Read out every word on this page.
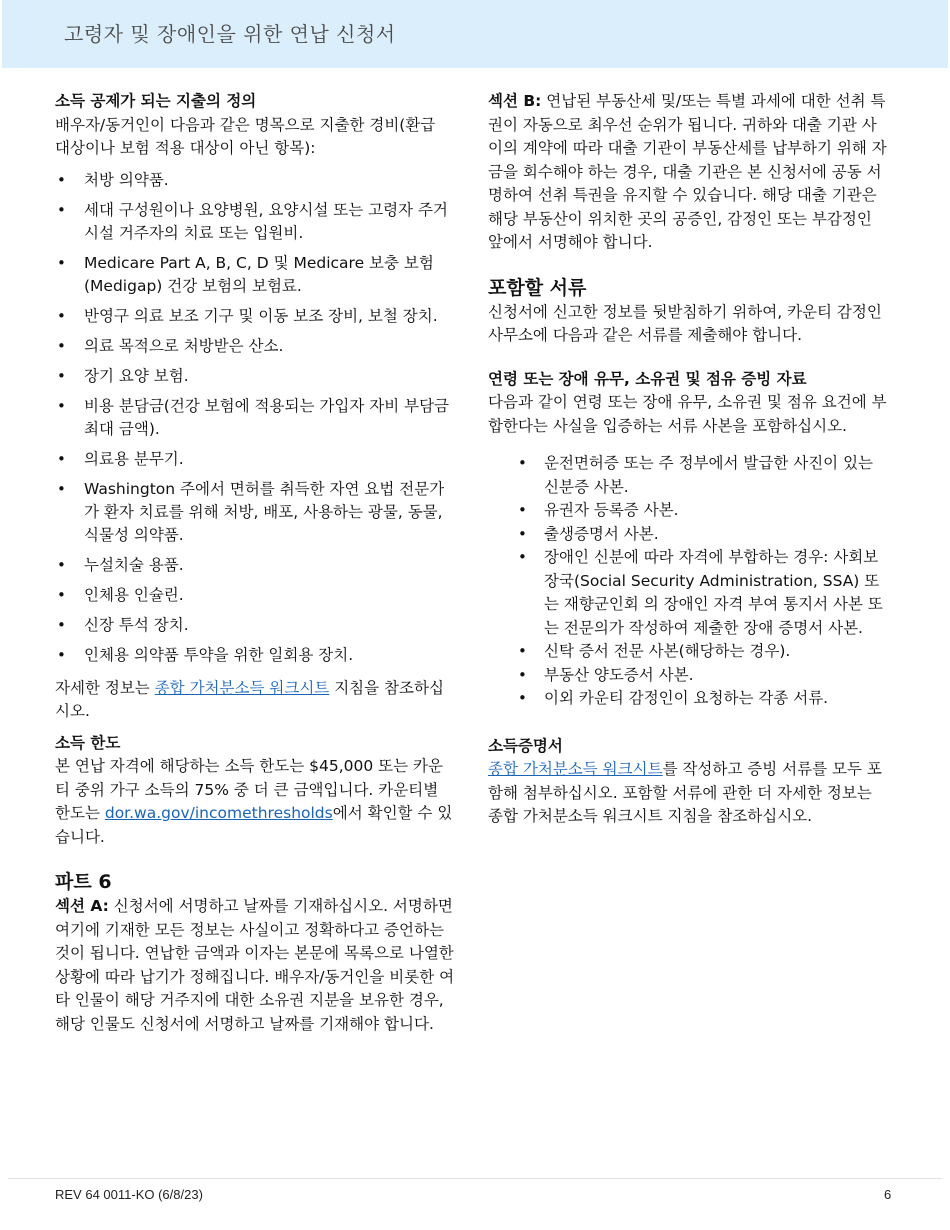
고령자 및 장애인을 위한 연납 신청서
소득 공제가 되는 지출의 정의

배우자/동거인이 다음과 같은 명목으로 지출한 경비(환급 대상이나 보험 적용 대상이 아닌 항목):

• 처방 의약품.
• 세대 구성원이나 요양병원, 요양시설 또는 고령자 주거 시설 거주자의 치료 또는 입원비.
• Medicare Part A, B, C, D 및 Medicare 보충 보험(Medigap) 건강 보험의 보험료.
• 반영구 의료 보조 기구 및 이동 보조 장비, 보철 장치.
• 의료 목적으로 처방받은 산소.
• 장기 요양 보험.
• 비용 분담금(건강 보험에 적용되는 가입자 자비 부담금 최대 금액).
• 의료용 분무기.
• Washington 주에서 면허를 취득한 자연 요법 전문가가 환자 치료를 위해 처방, 배포, 사용하는 광물, 동물, 식물성 의약품.
• 누설치술 용품.
• 인체용 인슐린.
• 신장 투석 장치.
• 인체용 의약품 투약을 위한 일회용 장치.

자세한 정보는 종합 가처분소득 워크시트 지침을 참조하십시오.

소득 한도

본 연납 자격에 해당하는 소득 한도는 $45,000 또는 카운티 중위 가구 소득의 75% 중 더 큰 금액입니다. 카운티별 한도는 dor.wa.gov/incomethresholds에서 확인할 수 있습니다.

파트 6

섹션 A: 신청서에 서명하고 날짜를 기재하십시오. 서명하면 여기에 기재한 모든 정보는 사실이고 정확하다고 증언하는 것이 됩니다. 연납한 금액과 이자는 본문에 목록으로 나열한 상황에 따라 납기가 정해집니다. 배우자/동거인을 비롯한 여타 인물이 해당 거주지에 대한 소유권 지분을 보유한 경우, 해당 인물도 신청서에 서명하고 날짜를 기재해야 합니다.

섹션 B: 연납된 부동산세 및/또는 특별 과세에 대한 선취 특권이 자동으로 최우선 순위가 됩니다. 귀하와 대출 기관 사이의 계약에 따라 대출 기관이 부동산세를 납부하기 위해 자금을 회수해야 하는 경우, 대출 기관은 본 신청서에 공동 서명하여 선취 특권을 유지할 수 있습니다. 해당 대출 기관은 해당 부동산이 위치한 곳의 공증인, 감정인 또는 부감정인 앞에서 서명해야 합니다.

포함할 서류

신청서에 신고한 정보를 뒷받침하기 위하여, 카운티 감정인 사무소에 다음과 같은 서류를 제출해야 합니다.

연령 또는 장애 유무, 소유권 및 점유 증빙 자료

다음과 같이 연령 또는 장애 유무, 소유권 및 점유 요건에 부합한다는 사실을 입증하는 서류 사본을 포함하십시오.

• 운전면허증 또는 주 정부에서 발급한 사진이 있는 신분증 사본.
• 유권자 등록증 사본.
• 출생증명서 사본.
• 장애인 신분에 따라 자격에 부합하는 경우: 사회보장국(Social Security Administration, SSA) 또는 재향군인회 의 장애인 자격 부여 통지서 사본 또는 전문의가 작성하여 제출한 장애 증명서 사본.
• 신탁 증서 전문 사본(해당하는 경우).
• 부동산 양도증서 사본.
• 이외 카운티 감정인이 요청하는 각종 서류.
소득증명서

종합 가처분소득 워크시트를 작성하고 증빙 서류를 모두 포함해 첨부하십시오. 포함할 서류에 관한 더 자세한 정보는 종합 가처분소득 워크시트 지침을 참조하십시오.

REV 64 0011-KO (6/8/23)	6
